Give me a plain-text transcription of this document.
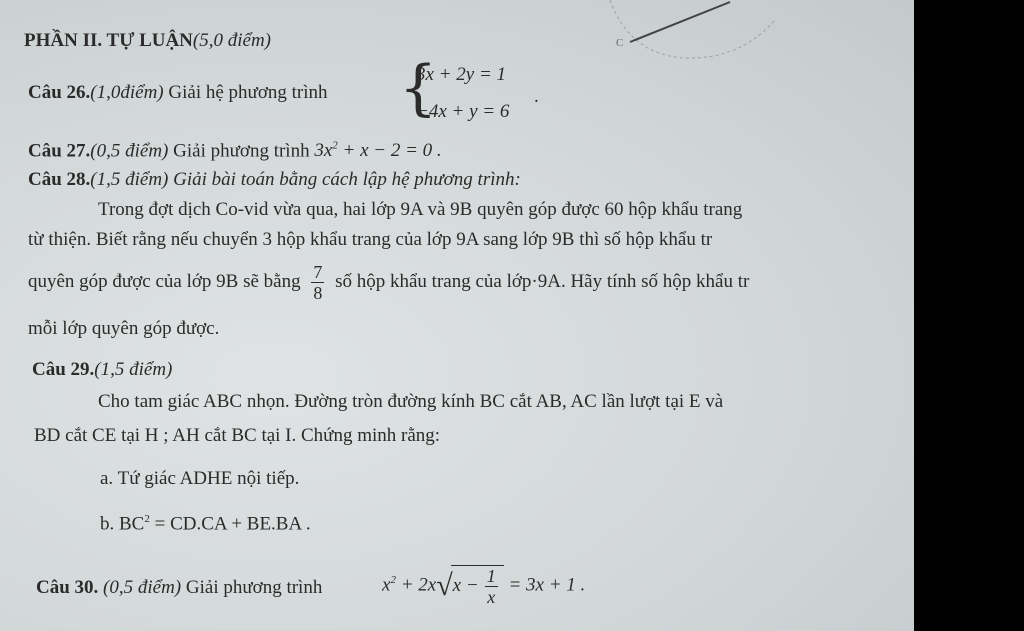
C
PHẦN II. TỰ LUẬN(5,0 điểm)
Câu 26.(1,0điểm) Giải hệ phương trình {
3x + 2y = 1
−4x + y = 6
.
Câu 27.(0,5 điểm) Giải phương trình $3x^2 + x - 2 = 0$ .
Câu 28.(1,5 điểm) Giải bài toán bằng cách lập hệ phương trình:
Trong đợt dịch Co-vid vừa qua, hai lớp 9A và 9B quyên góp được 60 hộp khẩu trang
từ thiện. Biết rằng nếu chuyển 3 hộp khẩu trang của lớp 9A sang lớp 9B thì số hộp khẩu tr
quyên góp được của lớp 9B sẽ bằng $\frac{7}{8}$ số hộp khẩu trang của lớp·9A. Hãy tính số hộp khẩu tr
mỗi lớp quyên góp được.
Câu 29.(1,5 điểm)
Cho tam giác ABC nhọn. Đường tròn đường kính BC cắt AB, AC lần lượt tại E và
BD cắt CE tại H ; AH cắt BC tại I. Chứng minh rằng:
a. Tứ giác ADHE nội tiếp.
b. $BC^2 = CD.CA + BE.BA$ .
Câu 30. (0,5 điểm) Giải phương trình	$x^2 + 2x√x - \frac{1}{x} = 3x + 1$ .
